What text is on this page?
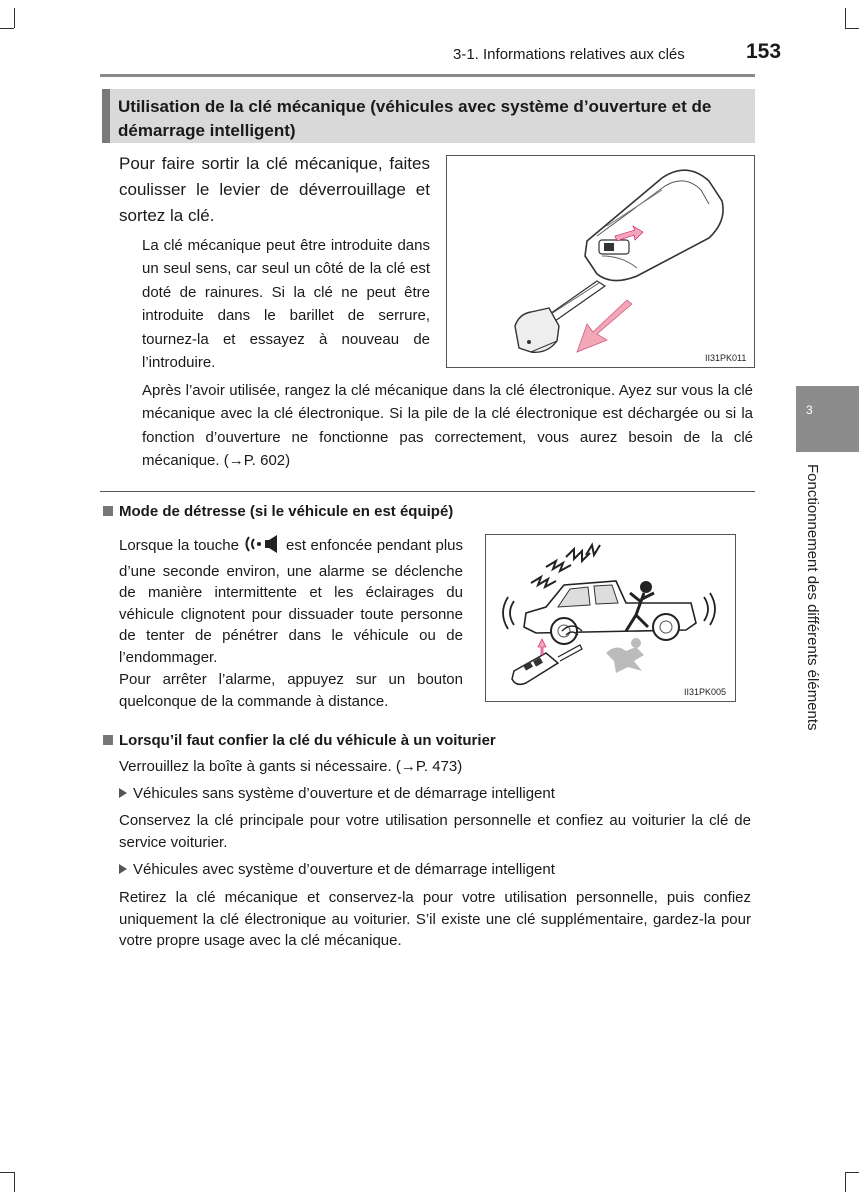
3-1. Informations relatives aux clés	153
3
Fonctionnement des différents éléments
Utilisation de la clé mécanique (véhicules avec système d’ouverture et de démarrage intelligent)
Pour faire sortir la clé mécanique, faites coulisser le levier de déverrouillage et sortez la clé.
La clé mécanique peut être introduite dans un seul sens, car seul un côté de la clé est doté de rainures. Si la clé ne peut être introduite dans le barillet de serrure, tournez-la et essayez à nouveau de l’introduire.	II31PK011
Après l’avoir utilisée, rangez la clé mécanique dans la clé électronique. Ayez sur vous la clé mécanique avec la clé électronique. Si la pile de la clé électronique est déchargée ou si la fonction d’ouverture ne fonctionne pas correctement, vous aurez besoin de la clé mécanique. (→P. 602)
Mode de détresse (si le véhicule en est équipé)
Lorsque la touche	est enfoncée pendant plus d’une seconde environ, une alarme se déclenche de manière intermittente et les éclairages du véhicule clignotent pour dissuader toute personne de tenter de pénétrer dans le véhicule ou de l’endommager.
Pour arrêter l’alarme, appuyez sur un bouton quelconque de la commande à distance.
II31PK005
Lorsqu’il faut confier la clé du véhicule à un voiturier
Verrouillez la boîte à gants si nécessaire. (→P. 473)
Véhicules sans système d’ouverture et de démarrage intelligent
Conservez la clé principale pour votre utilisation personnelle et confiez au voiturier la clé de service voiturier.
Véhicules avec système d’ouverture et de démarrage intelligent
Retirez la clé mécanique et conservez-la pour votre utilisation personnelle, puis confiez uniquement la clé électronique au voiturier. S’il existe une clé supplémentaire, gardez-la pour votre propre usage avec la clé mécanique.
